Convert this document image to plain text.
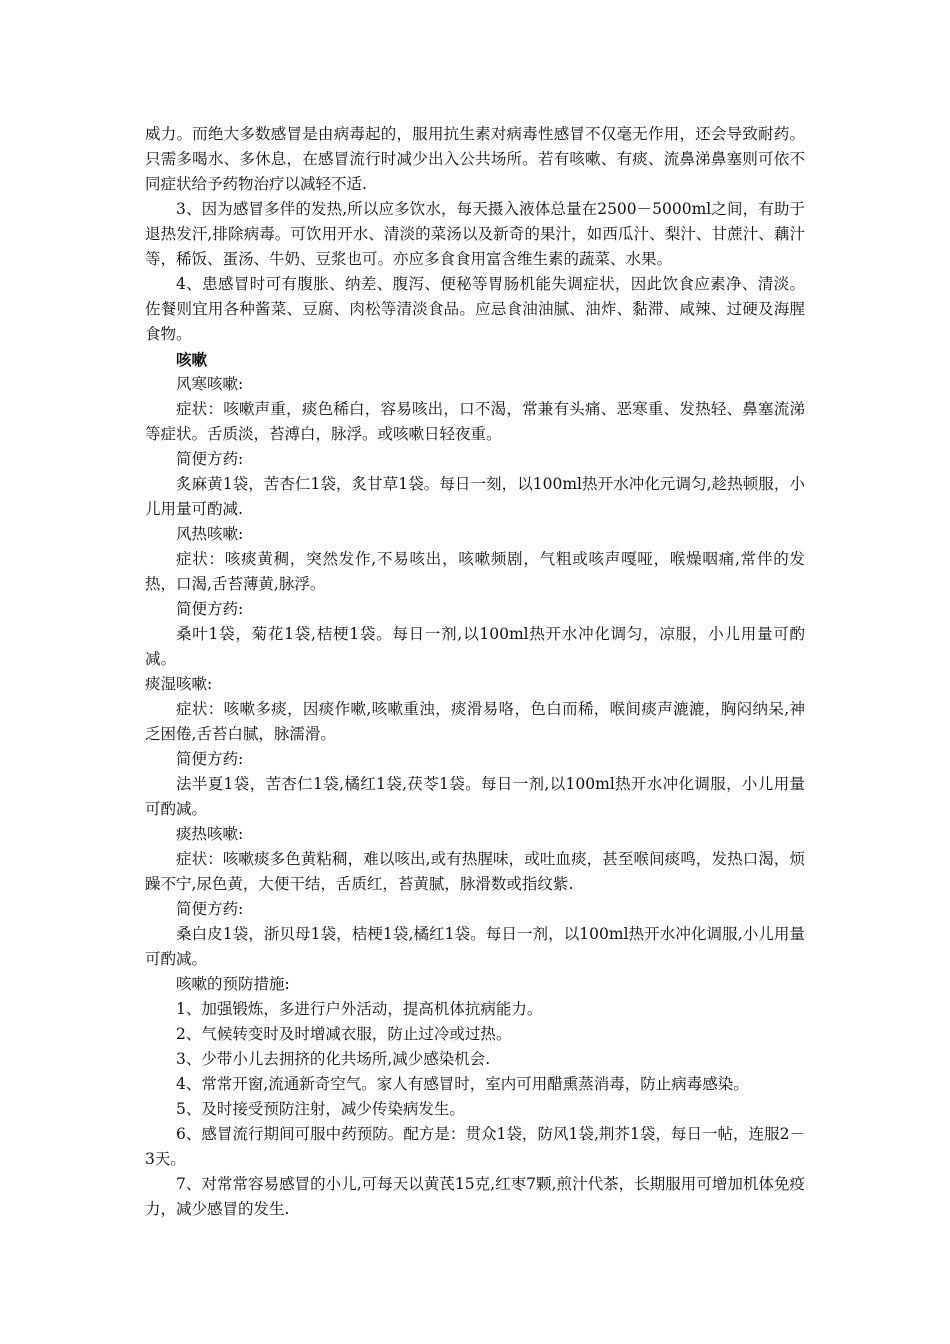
威力。而绝大多数感冒是由病毒起的，服用抗生素对病毒性感冒不仅毫无作用，还会导致耐药。只需多喝水、多休息，在感冒流行时减少出入公共场所。若有咳嗽、有痰、流鼻涕鼻塞则可依不同症状给予药物治疗以减轻不适.

3、因为感冒多伴的发热,所以应多饮水，每天摄入液体总量在2500－5000ml之间，有助于退热发汗,排除病毒。可饮用开水、清淡的菜汤以及新奇的果汁，如西瓜汁、梨汁、甘蔗汁、藕汁等，稀饭、蛋汤、牛奶、豆浆也可。亦应多食食用富含维生素的蔬菜、水果。

4、患感冒时可有腹胀、纳差、腹泻、便秘等胃肠机能失调症状，因此饮食应素净、清淡。佐餐则宜用各种酱菜、豆腐、肉松等清淡食品。应忌食油油腻、油炸、黏滞、咸辣、过硬及海腥食物。

咳嗽

风寒咳嗽:

症状：咳嗽声重，痰色稀白，容易咳出，口不渴，常兼有头痛、恶寒重、发热轻、鼻塞流涕等症状。舌质淡，苔溥白，脉浮。或咳嗽日轻夜重。

简便方药:

炙麻黄1袋，苦杏仁1袋，炙甘草1袋。每日一刻，以100ml热开水冲化元调匀,趁热顿服，小儿用量可酌减.

风热咳嗽:

症状：咳痰黄稠，突然发作,不易咳出，咳嗽频剧，气粗或咳声嘎哑，喉燥咽痛,常伴的发热，口渴,舌苔薄黄,脉浮。

简便方药:

桑叶1袋，菊花1袋,桔梗1袋。每日一剂,以100ml热开水冲化调匀，凉服，小儿用量可酌减。

痰湿咳嗽:

症状：咳嗽多痰，因痰作嗽,咳嗽重浊，痰滑易咯，色白而稀，喉间痰声漉漉，胸闷纳呆,神乏困倦,舌苔白腻，脉濡滑。

简便方药:

法半夏1袋，苦杏仁1袋,橘红1袋,茯苓1袋。每日一剂,以100ml热开水冲化调服，小儿用量可酌减。

痰热咳嗽:

症状：咳嗽痰多色黄粘稠，难以咳出,或有热腥味，或吐血痰，甚至喉间痰鸣，发热口渴，烦躁不宁,尿色黄，大便干结，舌质红，苔黄腻，脉滑数或指纹紫.

简便方药:

桑白皮1袋，浙贝母1袋，桔梗1袋,橘红1袋。每日一剂，以100ml热开水冲化调服,小儿用量可酌减。

咳嗽的预防措施:

1、加强锻炼，多进行户外活动，提高机体抗病能力。

2、气候转变时及时增减衣服，防止过冷或过热。

3、少带小儿去拥挤的化共场所,减少感染机会.

4、常常开窗,流通新奇空气。家人有感冒时，室内可用醋熏蒸消毒，防止病毒感染。

5、及时接受预防注射，减少传染病发生。

6、感冒流行期间可服中药预防。配方是：贯众1袋，防风1袋,荆芥1袋，每日一帖，连服2－3天。

7、对常常容易感冒的小儿,可每天以黄芪15克,红枣7颗,煎汁代茶，长期服用可增加机体免疫力，减少感冒的发生.
